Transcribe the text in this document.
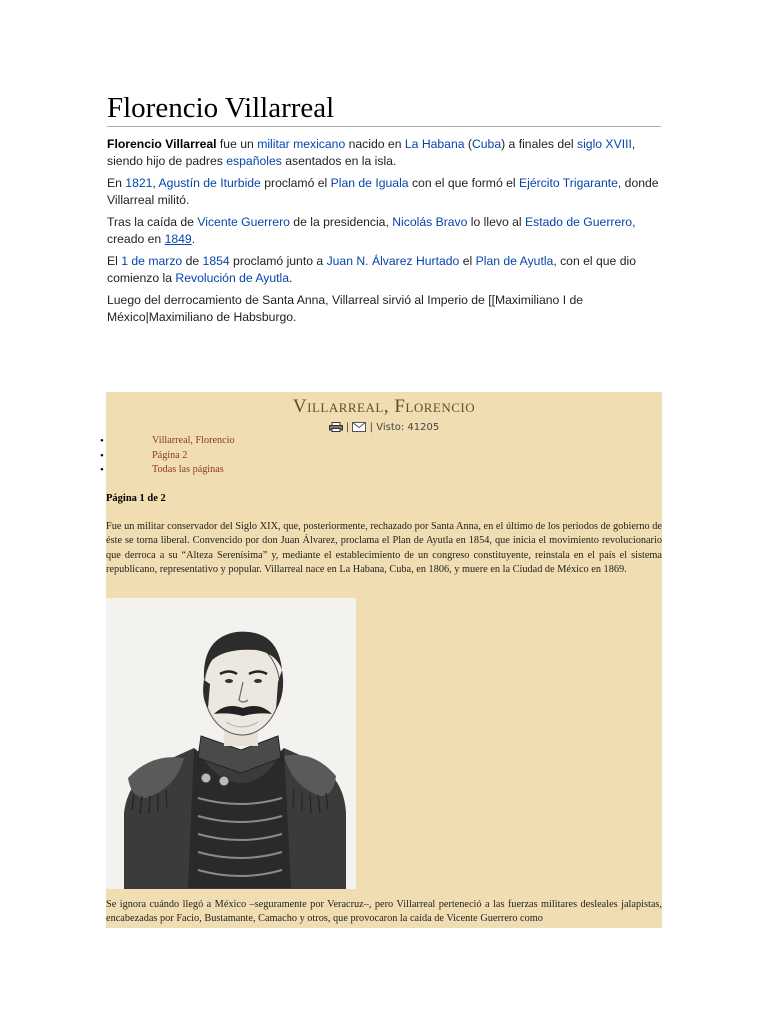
Florencio Villarreal

Florencio Villarreal fue un militar mexicano nacido en La Habana (Cuba) a finales del siglo XVIII, siendo hijo de padres españoles asentados en la isla.

En 1821, Agustín de Iturbide proclamó el Plan de Iguala con el que formó el Ejército Trigarante, donde Villarreal militó.

Tras la caída de Vicente Guerrero de la presidencia, Nicolás Bravo lo llevo al Estado de Guerrero, creado en 1849.

El 1 de marzo de 1854 proclamó junto a Juan N. Álvarez Hurtado el Plan de Ayutla, con el que dio comienzo la Revolución de Ayutla.

Luego del derrocamiento de Santa Anna, Villarreal sirvió al Imperio de [[Maximiliano I de México|Maximiliano de Habsburgo.

Villarreal, Florencio
|  | Visto: 41205
•	Villarreal, Florencio
•	Página 2
•	Todas las páginas
Página 1 de 2

Fue un militar conservador del Siglo XIX, que, posteriormente, rechazado por Santa Anna, en el último de los periodos de gobierno de éste se torna liberal. Convencido por don Juan Álvarez, proclama el Plan de Ayutla en 1854, que inicia el movimiento revolucionario que derroca a su “Alteza Serenísima” y, mediante el establecimiento de un congreso constituyente, reinstala en el país el sistema republicano, representativo y popular. Villarreal nace en La Habana, Cuba, en 1806, y muere en la Ciudad de México en 1869.

Se ignora cuándo llegó a México –seguramente por Veracruz–, pero Villarreal perteneció a las fuerzas militares desleales jalapistas, encabezadas por Facio, Bustamante, Camacho y otros, que provocaron la caída de Vicente Guerrero como
